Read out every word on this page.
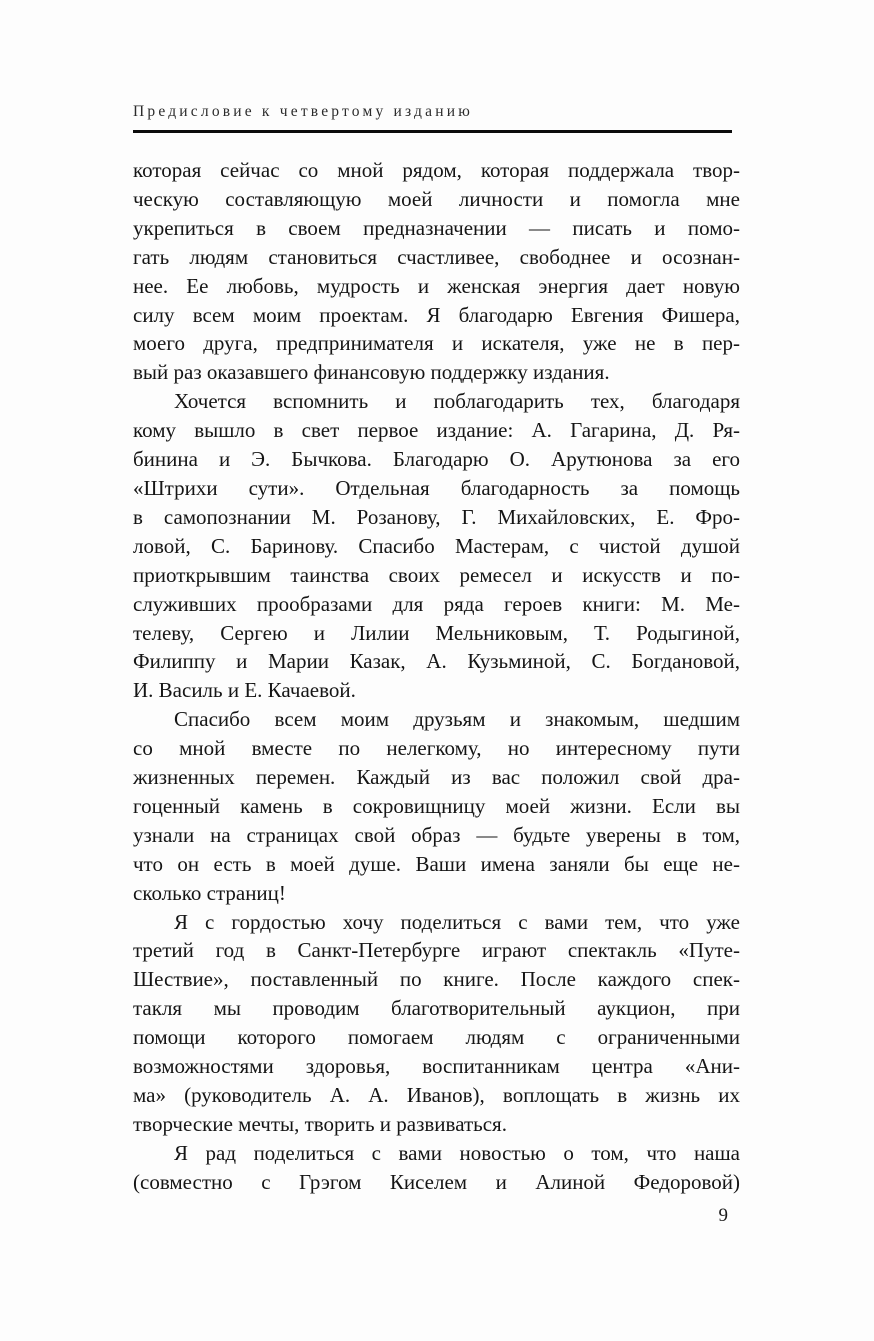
Предисловие к четвертому изданию
которая сейчас со мной рядом, которая поддержала твор-
ческую составляющую моей личности и помогла мне
укрепиться в своем предназначении — писать и помо-
гать людям становиться счастливее, свободнее и осознан-
нее. Ее любовь, мудрость и женская энергия дает новую
силу всем моим проектам. Я благодарю Евгения Фишера,
моего друга, предпринимателя и искателя, уже не в пер-
вый раз оказавшего финансовую поддержку издания.
Хочется вспомнить и поблагодарить тех, благодаря
кому вышло в свет первое издание: А. Гагарина, Д. Ря-
бинина и Э. Бычкова. Благодарю О. Арутюнова за его
«Штрихи сути». Отдельная благодарность за помощь
в самопознании М. Розанову, Г. Михайловских, Е. Фро-
ловой, С. Баринову. Спасибо Мастерам, с чистой душой
приоткрывшим таинства своих ремесел и искусств и по-
служивших прообразами для ряда героев книги: М. Ме-
телеву, Сергею и Лилии Мельниковым, Т. Родыгиной,
Филиппу и Марии Казак, А. Кузьминой, С. Богдановой,
И. Василь и Е. Качаевой.
Спасибо всем моим друзьям и знакомым, шедшим
со мной вместе по нелегкому, но интересному пути
жизненных перемен. Каждый из вас положил свой дра-
гоценный камень в сокровищницу моей жизни. Если вы
узнали на страницах свой образ — будьте уверены в том,
что он есть в моей душе. Ваши имена заняли бы еще не-
сколько страниц!
Я с гордостью хочу поделиться с вами тем, что уже
третий год в Санкт-Петербурге играют спектакль «Путе-
Шествие», поставленный по книге. После каждого спек-
такля мы проводим благотворительный аукцион, при
помощи которого помогаем людям с ограниченными
возможностями здоровья, воспитанникам центра «Ани-
ма» (руководитель А. А. Иванов), воплощать в жизнь их
творческие мечты, творить и развиваться.
Я рад поделиться с вами новостью о том, что наша
(совместно с Грэгом Киселем и Алиной Федоровой)
9
